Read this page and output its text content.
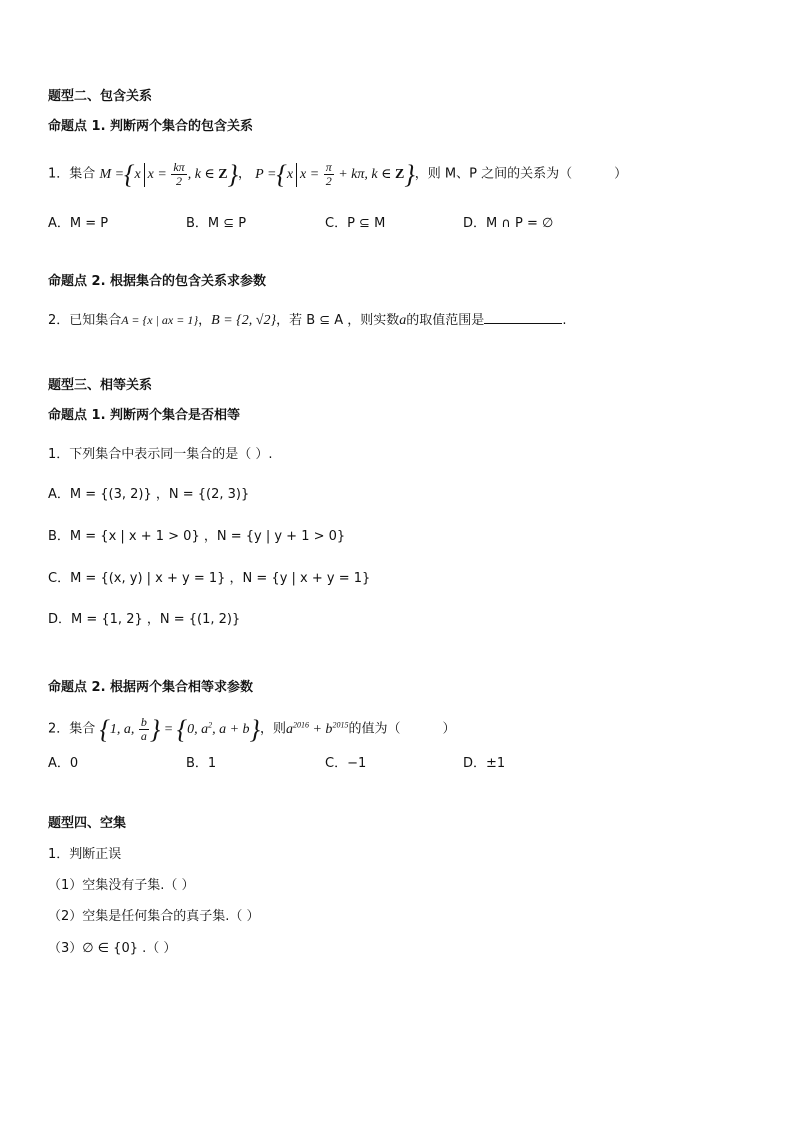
题型二、包含关系
命题点 1. 判断两个集合的包含关系
1．集合 M ={x $x = \frac{k\pi}{2}$ , k ∈ Z}， P ={x $x = \frac{\pi}{2} + k\pi$, k ∈ Z}，则 M、P 之间的关系为（	）
A．M = P	B．M ⊆ P	C．P ⊆ M	D．M ∩ P = ∅
命题点 2. 根据集合的包含关系求参数
2．已知集合A = {x | ax = 1}，B = {2, √2}，若 B ⊆ A ，则实数a的取值范围是	.
题型三、相等关系
命题点 1. 判断两个集合是否相等
1．下列集合中表示同一集合的是（ ）.
A．M = {(3, 2)} ，N = {(2, 3)}
B．M = {x | x + 1 > 0} ，N = {y | y + 1 > 0}
C．M = {(x, y) | x + y = 1} ，N = {y | x + y = 1}
D．M = {1, 2} ，N = {(1, 2)}
命题点 2. 根据两个集合相等求参数
2．集合 {1, a, $\frac{b}{a}$ } = {0, $a^2$, a + b}，则$a^{2016} + b^{2015}$的值为（	）
A．0	B．1	C．−1	D．±1
题型四、空集
1．判断正误
（1）空集没有子集.（ ）
（2）空集是任何集合的真子集.（ ）
（3）∅ ∈ {0} .（ ）
